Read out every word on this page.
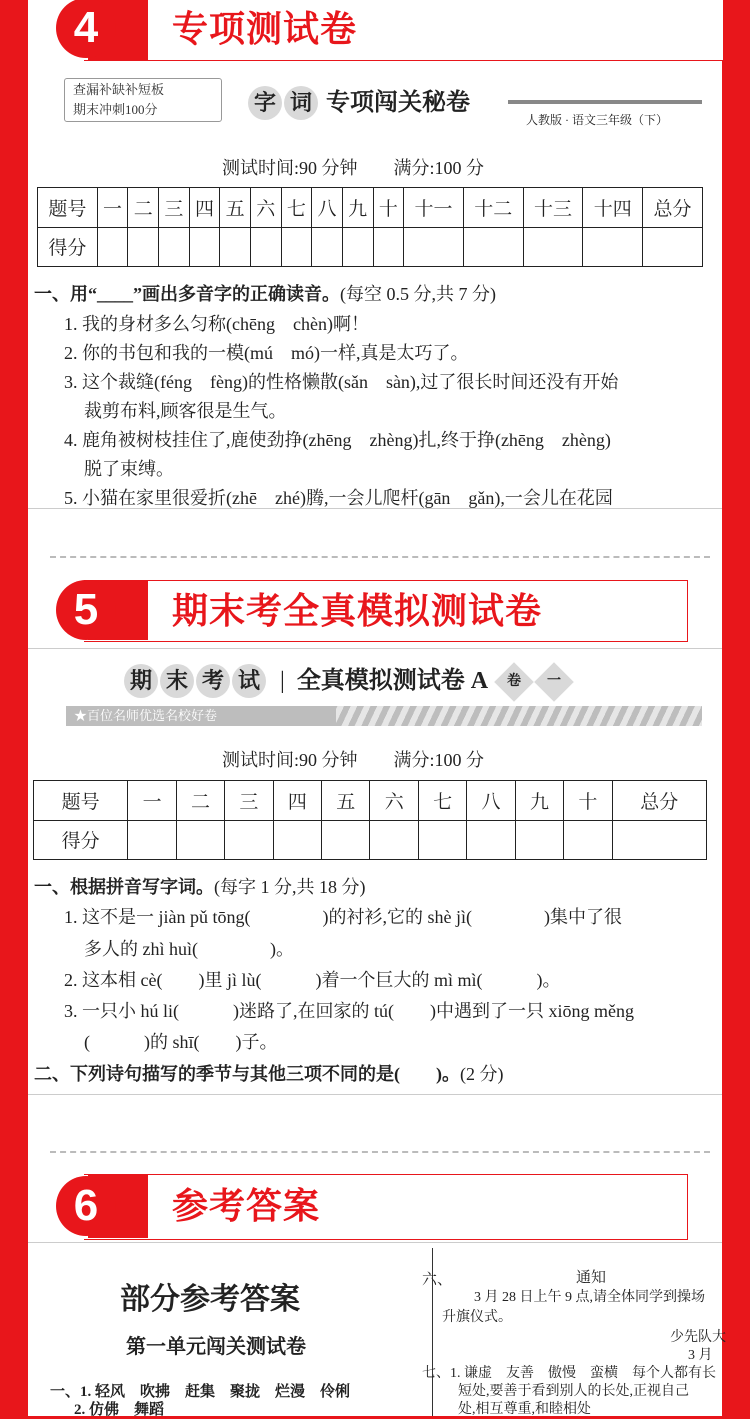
4	专项测试卷
查漏补缺补短板
期末冲刺100分	字 词 专项闯关秘卷
人教版 · 语文三年级（下）
测试时间:90 分钟　　满分:100 分
题号	一	二	三	四	五	六	七	八	九	十	十一	十二	十三	十四	总分
得分															
一、用“____”画出多音字的正确读音。(每空 0.5 分,共 7 分)
1. 我的身材多么匀称(chēng　chèn)啊！
2. 你的书包和我的一模(mú　mó)一样,真是太巧了。
3. 这个裁缝(féng　fèng)的性格懒散(sǎn　sàn),过了很长时间还没有开始
裁剪布料,顾客很是生气。
4. 鹿角被树枝挂住了,鹿使劲挣(zhēng　zhèng)扎,终于挣(zhēng　zhèng)
脱了束缚。
5. 小猫在家里很爱折(zhē　zhé)腾,一会儿爬杆(gān　gǎn),一会儿在花园
5	期末考全真模拟测试卷
期 末 考 试 | 全真模拟测试卷 A	卷	一
★百位名师优选名校好卷
测试时间:90 分钟　　满分:100 分
题号	一	二	三	四	五	六	七	八	九	十	总分
得分											
一、根据拼音写字词。(每字 1 分,共 18 分)
1. 这不是一 jiàn pǔ tōng(　　　　)的衬衫,它的 shè jì(　　　　)集中了很
多人的 zhì huì(　　　　)。
2. 这本相 cè(　　)里 jì lù(　　　)着一个巨大的 mì mì(　　　)。
3. 一只小 hú li(　　　)迷路了,在回家的 tú(　　)中遇到了一只 xiōng měng
(　　　)的 shī(　　)子。
二、下列诗句描写的季节与其他三项不同的是(　　)。(2 分)
6	参考答案
部分参考答案
第一单元闯关测试卷
一、1. 轻风　吹拂　赶集　聚拢　烂漫　伶俐
2. 仿佛　舞蹈
六、	通知
3 月 28 日上午 9 点,请全体同学到操场
升旗仪式。
少先队大
3 月
七、1. 谦虚　友善　傲慢　蛮横　每个人都有长
短处,要善于看到别人的长处,正视自己
处,相互尊重,和睦相处
